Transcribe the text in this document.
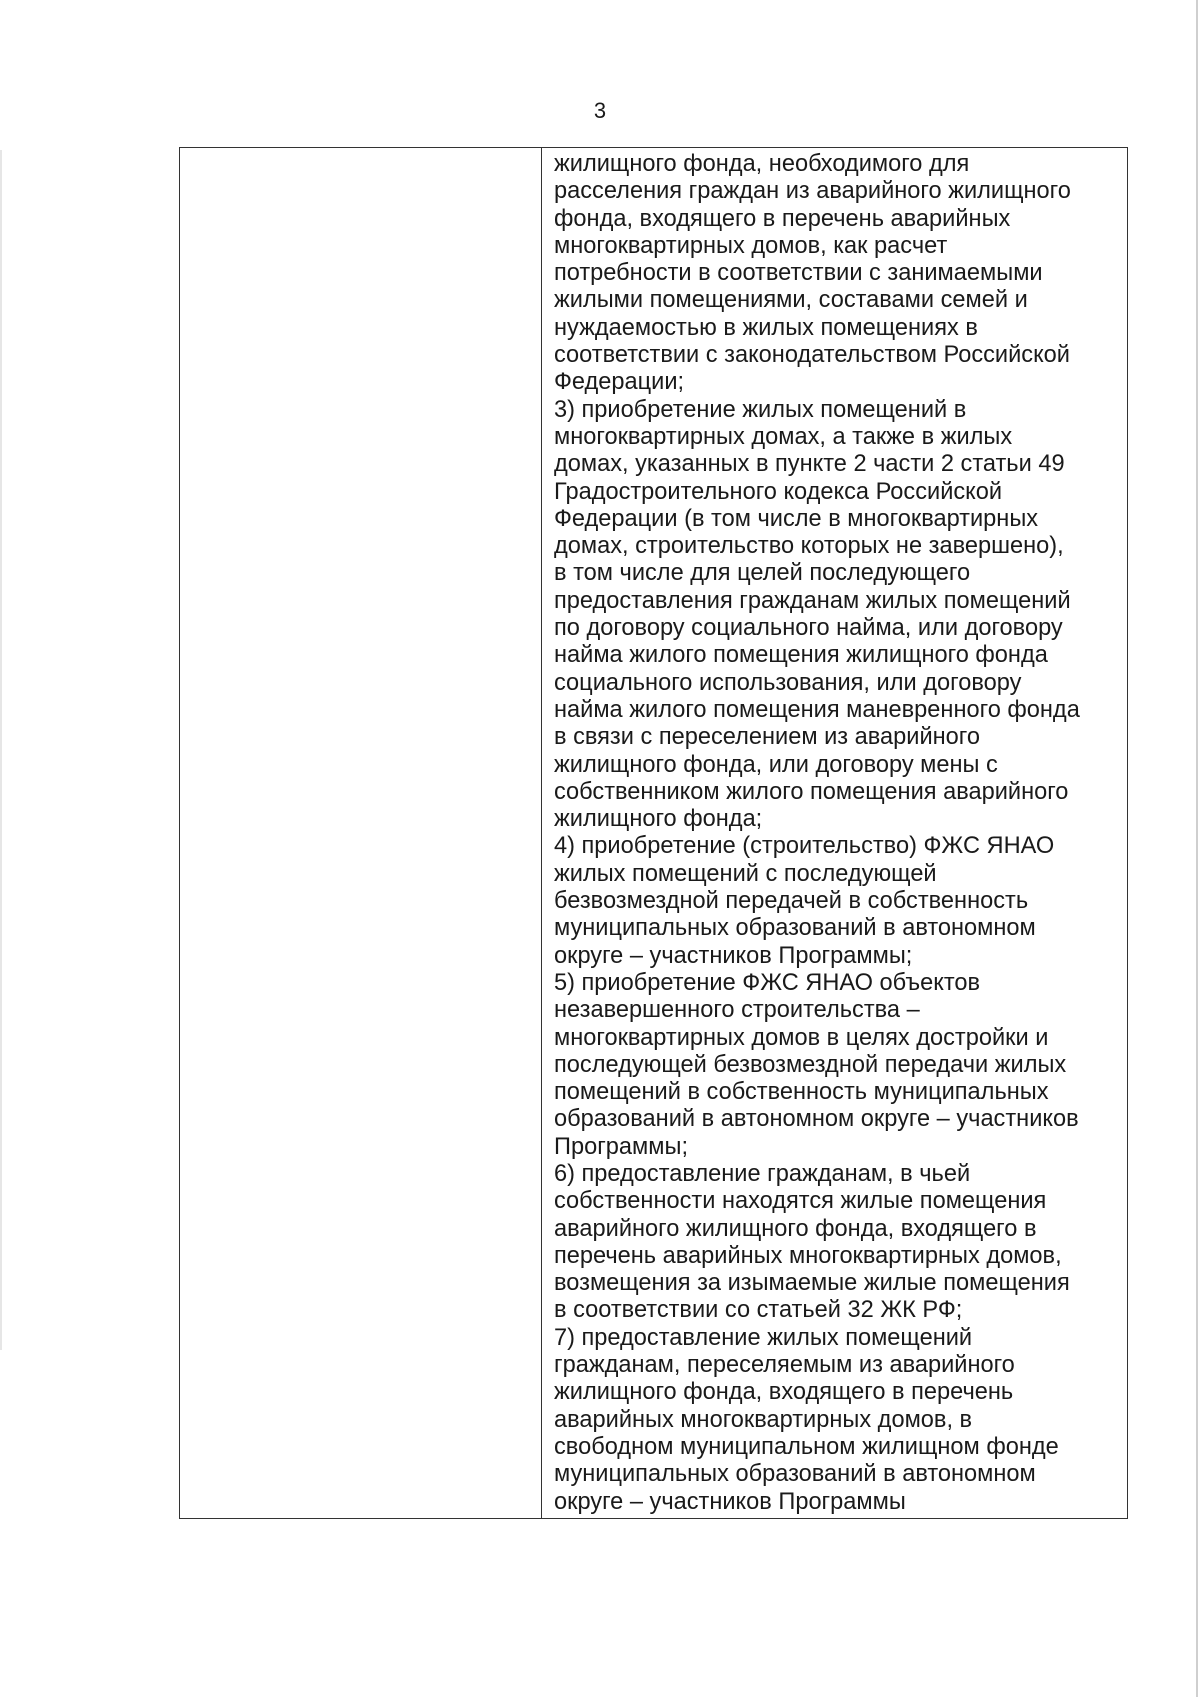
3

жилищного фонда, необходимого для
расселения граждан из аварийного жилищного
фонда, входящего в перечень аварийных
многоквартирных домов, как расчет
потребности в соответствии с занимаемыми
жилыми помещениями, составами семей и
нуждаемостью в жилых помещениях в
соответствии с законодательством Российской
Федерации;

3) приобретение жилых помещений в
многоквартирных домах, а также в жилых
домах, указанных в пункте 2 части 2 статьи 49
Градостроительного кодекса Российской
Федерации (в том числе в многоквартирных
домах, строительство которых не завершено),
в том числе для целей последующего
предоставления гражданам жилых помещений
по договору социального найма, или договору
найма жилого помещения жилищного фонда
социального использования, или договору
найма жилого помещения маневренного фонда
в связи с переселением из аварийного
жилищного фонда, или договору мены с
собственником жилого помещения аварийного
жилищного фонда;

4) приобретение (строительство) ФЖС ЯНАО
жилых помещений с последующей
безвозмездной передачей в собственность
муниципальных образований в автономном
округе – участников Программы;

5) приобретение ФЖС ЯНАО объектов
незавершенного строительства –
многоквартирных домов в целях достройки и
последующей безвозмездной передачи жилых
помещений в собственность муниципальных
образований в автономном округе – участников
Программы;

6) предоставление гражданам, в чьей
собственности находятся жилые помещения
аварийного жилищного фонда, входящего в
перечень аварийных многоквартирных домов,
возмещения за изымаемые жилые помещения
в соответствии со статьей 32 ЖК РФ;

7) предоставление жилых помещений
гражданам, переселяемым из аварийного
жилищного фонда, входящего в перечень
аварийных многоквартирных домов, в
свободном муниципальном жилищном фонде
муниципальных образований в автономном
округе – участников Программы
